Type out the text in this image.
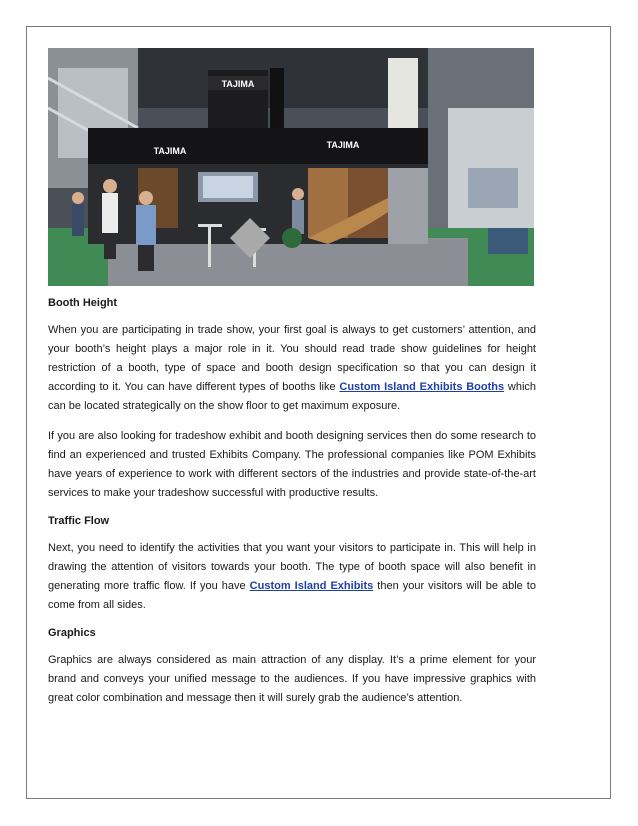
TAJIMA
TAJIMA
TAJIMA
Booth Height

When you are participating in trade show, your first goal is always to get customers’ attention, and your booth’s height plays a major role in it. You should read trade show guidelines for height restriction of a booth, type of space and booth design specification so that you can design it according to it. You can have different types of booths like Custom Island Exhibits Booths which can be located strategically on the show floor to get maximum exposure.

If you are also looking for tradeshow exhibit and booth designing services then do some research to find an experienced and trusted Exhibits Company. The professional companies like POM Exhibits have years of experience to work with different sectors of the industries and provide state-of-the-art services to make your tradeshow successful with productive results.

Traffic Flow

Next, you need to identify the activities that you want your visitors to participate in. This will help in drawing the attention of visitors towards your booth. The type of booth space will also benefit in generating more traffic flow. If you have Custom Island Exhibits then your visitors will be able to come from all sides.

Graphics

Graphics are always considered as main attraction of any display. It’s a prime element for your brand and conveys your unified message to the audiences. If you have impressive graphics with great color combination and message then it will surely grab the audience’s attention.
